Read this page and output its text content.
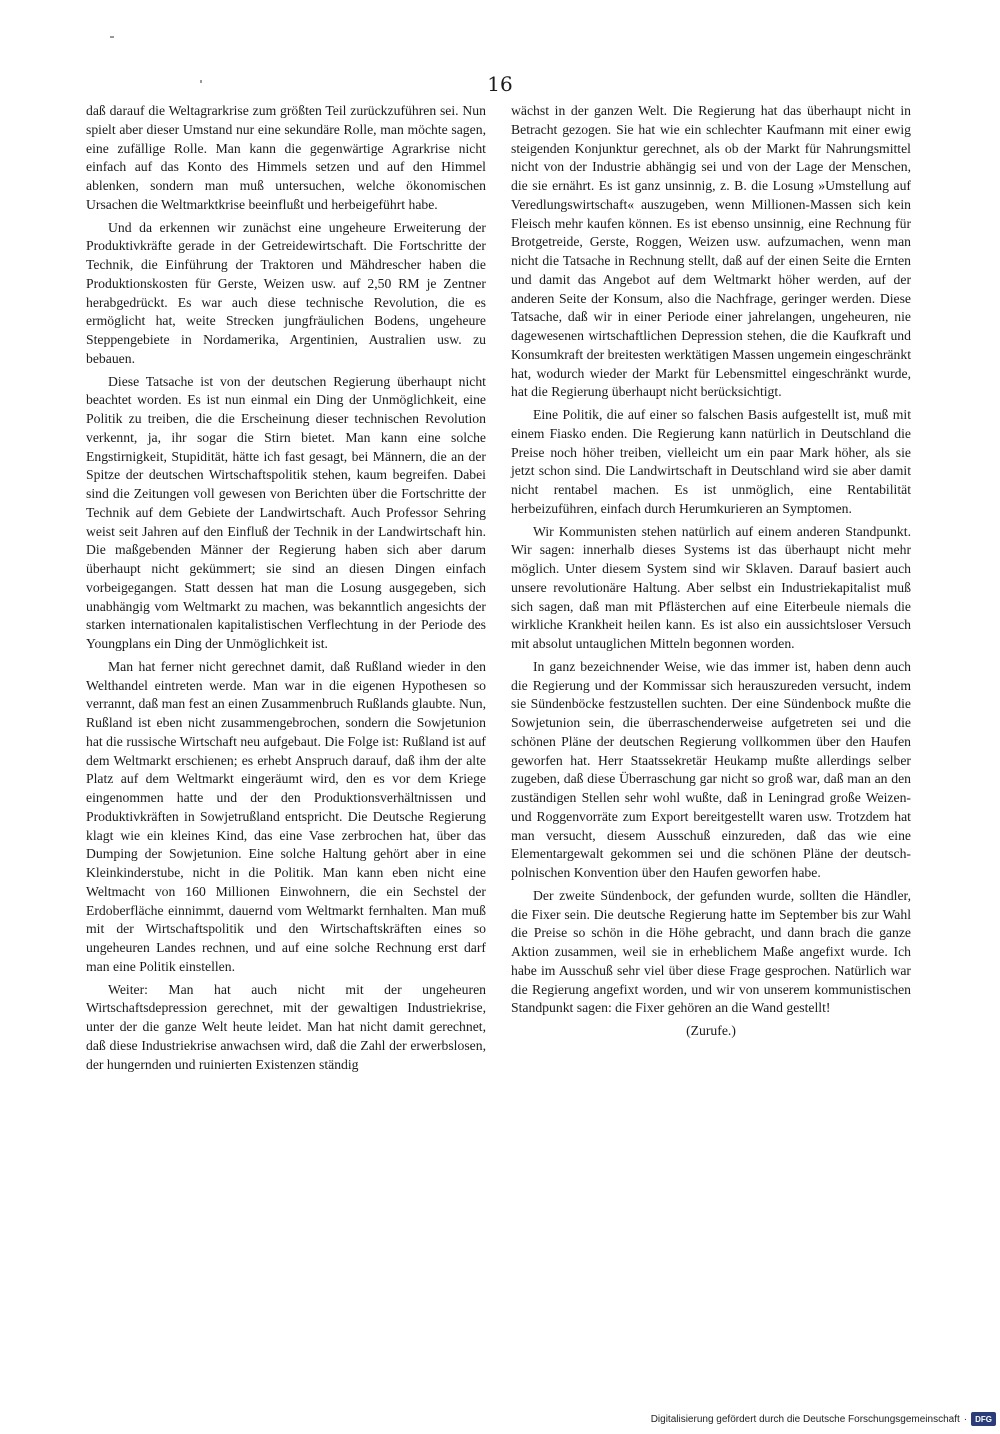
16

daß darauf die Weltagrarkrise zum größten Teil zurückzuführen sei. Nun spielt aber dieser Umstand nur eine sekundäre Rolle, man möchte sagen, eine zufällige Rolle. Man kann die gegenwärtige Agrarkrise nicht einfach auf das Konto des Himmels setzen und auf den Himmel ablenken, sondern man muß untersuchen, welche ökonomischen Ursachen die Weltmarktkrise beeinflußt und herbeigeführt habe.

Und da erkennen wir zunächst eine ungeheure Erweiterung der Produktivkräfte gerade in der Getreidewirtschaft. Die Fortschritte der Technik, die Einführung der Traktoren und Mähdrescher haben die Produktionskosten für Gerste, Weizen usw. auf 2,50 RM je Zentner herabgedrückt. Es war auch diese technische Revolution, die es ermöglicht hat, weite Strecken jungfräulichen Bodens, ungeheure Steppengebiete in Nordamerika, Argentinien, Australien usw. zu bebauen.

Diese Tatsache ist von der deutschen Regierung überhaupt nicht beachtet worden. Es ist nun einmal ein Ding der Unmöglichkeit, eine Politik zu treiben, die die Erscheinung dieser technischen Revolution verkennt, ja, ihr sogar die Stirn bietet. Man kann eine solche Engstirnigkeit, Stupidität, hätte ich fast gesagt, bei Männern, die an der Spitze der deutschen Wirtschaftspolitik stehen, kaum begreifen. Dabei sind die Zeitungen voll gewesen von Berichten über die Fortschritte der Technik auf dem Gebiete der Landwirtschaft. Auch Professor Sehring weist seit Jahren auf den Einfluß der Technik in der Landwirtschaft hin. Die maßgebenden Männer der Regierung haben sich aber darum überhaupt nicht gekümmert; sie sind an diesen Dingen einfach vorbeigegangen. Statt dessen hat man die Losung ausgegeben, sich unabhängig vom Weltmarkt zu machen, was bekanntlich angesichts der starken internationalen kapitalistischen Verflechtung in der Periode des Youngplans ein Ding der Unmöglichkeit ist.

Man hat ferner nicht gerechnet damit, daß Rußland wieder in den Welthandel eintreten werde. Man war in die eigenen Hypothesen so verrannt, daß man fest an einen Zusammenbruch Rußlands glaubte. Nun, Rußland ist eben nicht zusammengebrochen, sondern die Sowjetunion hat die russische Wirtschaft neu aufgebaut. Die Folge ist: Rußland ist auf dem Weltmarkt erschienen; es erhebt Anspruch darauf, daß ihm der alte Platz auf dem Weltmarkt eingeräumt wird, den es vor dem Kriege eingenommen hatte und der den Produktionsverhältnissen und Produktivkräften in Sowjetrußland entspricht. Die Deutsche Regierung klagt wie ein kleines Kind, das eine Vase zerbrochen hat, über das Dumping der Sowjetunion. Eine solche Haltung gehört aber in eine Kleinkinderstube, nicht in die Politik. Man kann eben nicht eine Weltmacht von 160 Millionen Einwohnern, die ein Sechstel der Erdoberfläche einnimmt, dauernd vom Weltmarkt fernhalten. Man muß mit der Wirtschaftspolitik und den Wirtschaftskräften eines so ungeheuren Landes rechnen, und auf eine solche Rechnung erst darf man eine Politik einstellen.

Weiter: Man hat auch nicht mit der ungeheuren Wirtschaftsdepression gerechnet, mit der gewaltigen Industriekrise, unter der die ganze Welt heute leidet. Man hat nicht damit gerechnet, daß diese Industriekrise anwachsen wird, daß die Zahl der erwerbslosen, der hungernden und ruinierten Existenzen ständig

wächst in der ganzen Welt. Die Regierung hat das überhaupt nicht in Betracht gezogen. Sie hat wie ein schlechter Kaufmann mit einer ewig steigenden Konjunktur gerechnet, als ob der Markt für Nahrungsmittel nicht von der Industrie abhängig sei und von der Lage der Menschen, die sie ernährt. Es ist ganz unsinnig, z. B. die Losung »Umstellung auf Veredlungswirtschaft« auszugeben, wenn Millionen-Massen sich kein Fleisch mehr kaufen können. Es ist ebenso unsinnig, eine Rechnung für Brotgetreide, Gerste, Roggen, Weizen usw. aufzumachen, wenn man nicht die Tatsache in Rechnung stellt, daß auf der einen Seite die Ernten und damit das Angebot auf dem Weltmarkt höher werden, auf der anderen Seite der Konsum, also die Nachfrage, geringer werden. Diese Tatsache, daß wir in einer Periode einer jahrelangen, ungeheuren, nie dagewesenen wirtschaftlichen Depression stehen, die die Kaufkraft und Konsumkraft der breitesten werktätigen Massen ungemein eingeschränkt hat, wodurch wieder der Markt für Lebensmittel eingeschränkt wurde, hat die Regierung überhaupt nicht berücksichtigt.

Eine Politik, die auf einer so falschen Basis aufgestellt ist, muß mit einem Fiasko enden. Die Regierung kann natürlich in Deutschland die Preise noch höher treiben, vielleicht um ein paar Mark höher, als sie jetzt schon sind. Die Landwirtschaft in Deutschland wird sie aber damit nicht rentabel machen. Es ist unmöglich, eine Rentabilität herbeizuführen, einfach durch Herumkurieren an Symptomen.

Wir Kommunisten stehen natürlich auf einem anderen Standpunkt. Wir sagen: innerhalb dieses Systems ist das überhaupt nicht mehr möglich. Unter diesem System sind wir Sklaven. Darauf basiert auch unsere revolutionäre Haltung. Aber selbst ein Industriekapitalist muß sich sagen, daß man mit Pflästerchen auf eine Eiterbeule niemals die wirkliche Krankheit heilen kann. Es ist also ein aussichtsloser Versuch mit absolut untauglichen Mitteln begonnen worden.

In ganz bezeichnender Weise, wie das immer ist, haben denn auch die Regierung und der Kommissar sich herauszureden versucht, indem sie Sündenböcke festzustellen suchten. Der eine Sündenbock mußte die Sowjetunion sein, die überraschenderweise aufgetreten sei und die schönen Pläne der deutschen Regierung vollkommen über den Haufen geworfen hat. Herr Staatssekretär Heukamp mußte allerdings selber zugeben, daß diese Überraschung gar nicht so groß war, daß man an den zuständigen Stellen sehr wohl wußte, daß in Leningrad große Weizen- und Roggenvorräte zum Export bereitgestellt waren usw. Trotzdem hat man versucht, diesem Ausschuß einzureden, daß das wie eine Elementargewalt gekommen sei und die schönen Pläne der deutsch-polnischen Konvention über den Haufen geworfen habe.

Der zweite Sündenbock, der gefunden wurde, sollten die Händler, die Fixer sein. Die deutsche Regierung hatte im September bis zur Wahl die Preise so schön in die Höhe gebracht, und dann brach die ganze Aktion zusammen, weil sie in erheblichem Maße angefixt wurde. Ich habe im Ausschuß sehr viel über diese Frage gesprochen. Natürlich war die Regierung angefixt worden, und wir von unserem kommunistischen Standpunkt sagen: die Fixer gehören an die Wand gestellt!

(Zurufe.)
Digitalisierung gefördert durch die Deutsche Forschungsgemeinschaft ·	DFG
